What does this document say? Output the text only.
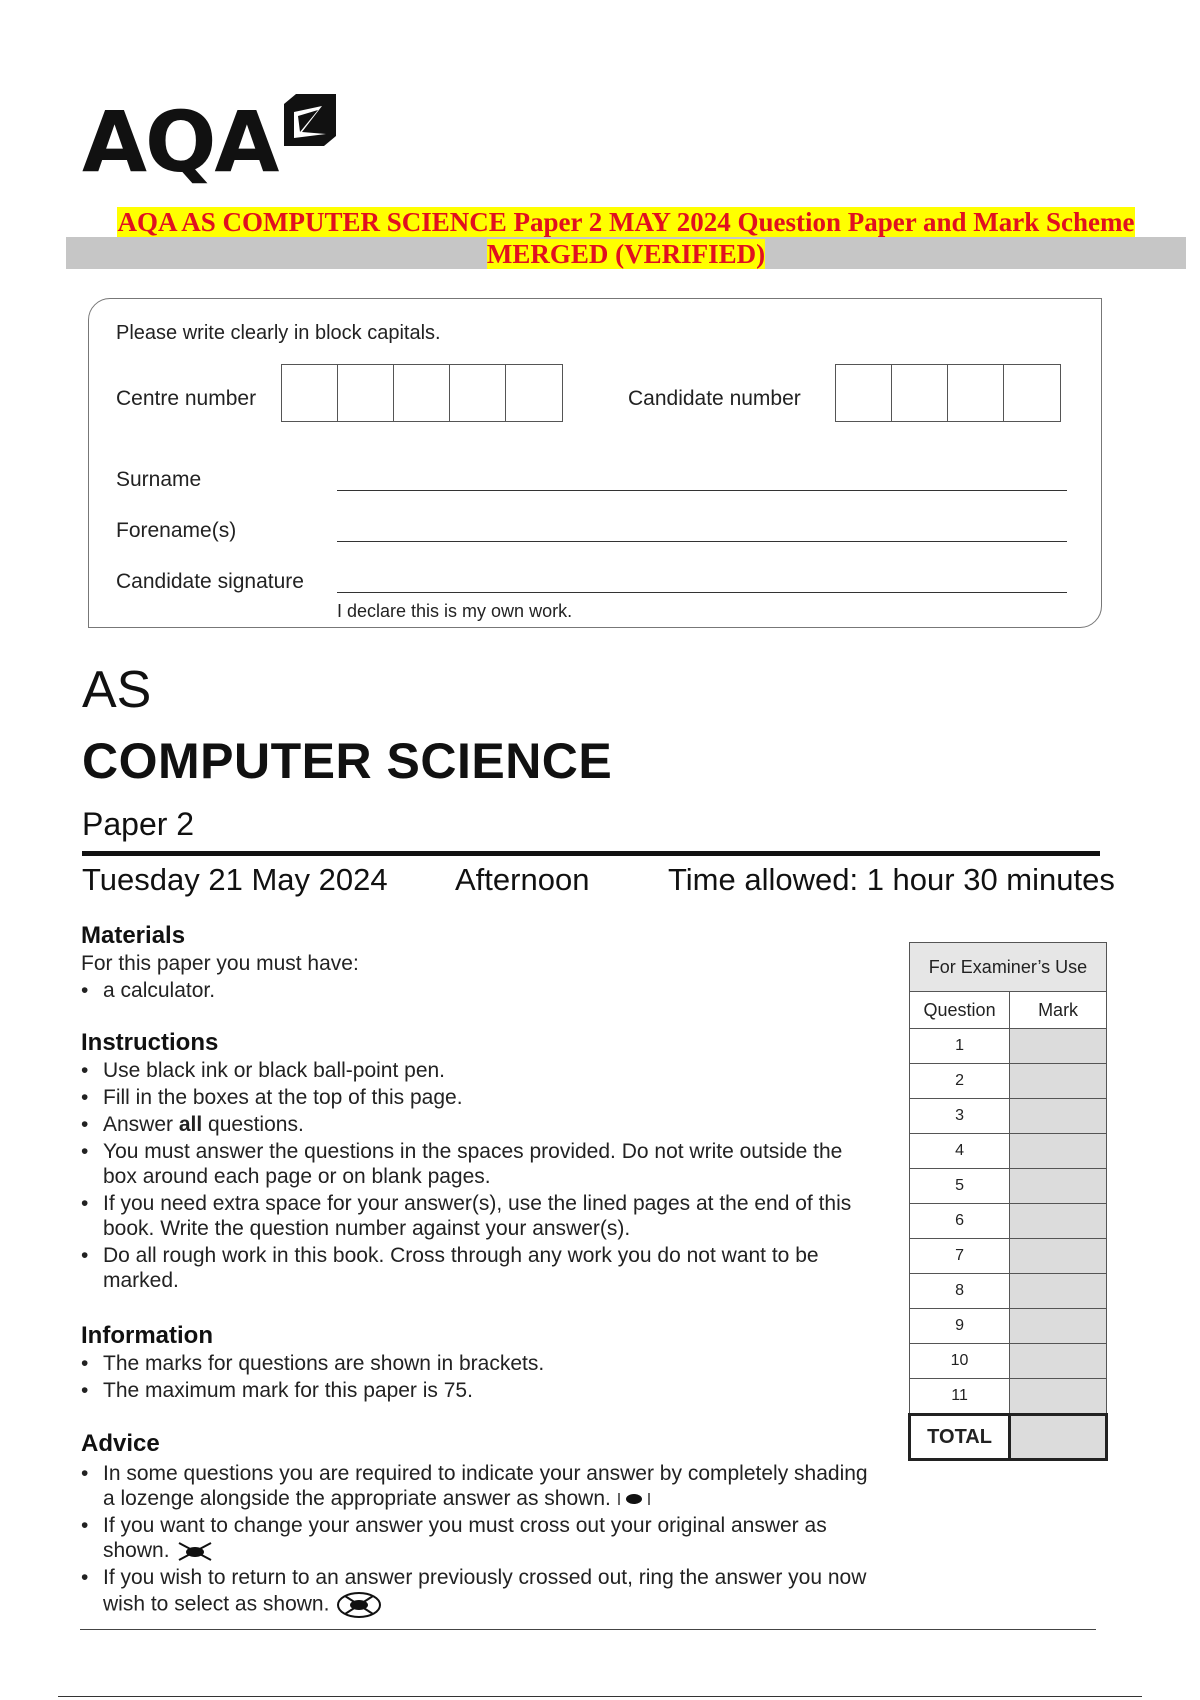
AQA
AQA AS COMPUTER SCIENCE Paper 2 MAY 2024 Question Paper and Mark Scheme
MERGED (VERIFIED)
Please write clearly in block capitals.
Centre number	Candidate number
Surname
Forename(s)
Candidate signature
I declare this is my own work.
AS
COMPUTER SCIENCE
Paper 2
Tuesday 21 May 2024 Afternoon	Time allowed: 1 hour 30 minutes
Materials
For this paper you must have:
• a calculator.
Instructions
• Use black ink or black ball-point pen.
• Fill in the boxes at the top of this page.
• Answer all questions.
• You must answer the questions in the spaces provided. Do not write outside the box around each page or on blank pages.
• If you need extra space for your answer(s), use the lined pages at the end of this book. Write the question number against your answer(s).
• Do all rough work in this book. Cross through any work you do not want to be marked.
Information
• The marks for questions are shown in brackets.
• The maximum mark for this paper is 75.
Advice
• In some questions you are required to indicate your answer by completely shading a lozenge alongside the appropriate answer as shown.
• If you want to change your answer you must cross out your original answer as shown.
• If you wish to return to an answer previously crossed out, ring the answer you now wish to select as shown.
For Examiner’s Use	
Question	Mark
1	
2	
3	
4	
5	
6	
7	
8	
9	
10	
11	
TOTAL	
